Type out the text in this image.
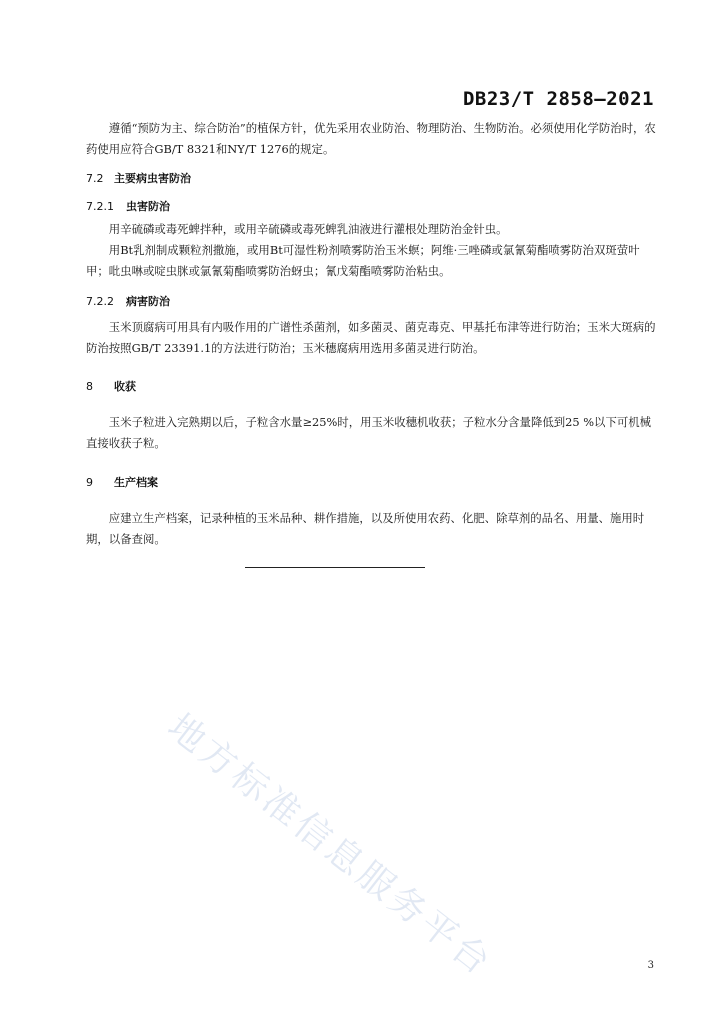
DB23/T 2858—2021

遵循“预防为主、综合防治”的植保方针，优先采用农业防治、物理防治、生物防治。必须使用化学防治时，农药使用应符合GB/T 8321和NY/T 1276的规定。

7.2 主要病虫害防治
7.2.1 虫害防治

用辛硫磷或毒死蜱拌种，或用辛硫磷或毒死蜱乳油液进行灌根处理防治金针虫。

用Bt乳剂制成颗粒剂撒施，或用Bt可湿性粉剂喷雾防治玉米螟；阿维·三唑磷或氯氰菊酯喷雾防治双斑萤叶甲；吡虫啉或啶虫脒或氯氰菊酯喷雾防治蚜虫；氰戊菊酯喷雾防治粘虫。

7.2.2 病害防治

玉米顶腐病可用具有内吸作用的广谱性杀菌剂，如多菌灵、菌克毒克、甲基托布津等进行防治；玉米大斑病的防治按照GB/T 23391.1的方法进行防治；玉米穗腐病用选用多菌灵进行防治。

8 收获

玉米子粒进入完熟期以后，子粒含水量≥25%时，用玉米收穗机收获；子粒水分含量降低到25 %以下可机械直接收获子粒。

9 生产档案

应建立生产档案，记录种植的玉米品种、耕作措施，以及所使用农药、化肥、除草剂的品名、用量、施用时期，以备查阅。

地方标准信息服务平台	3
